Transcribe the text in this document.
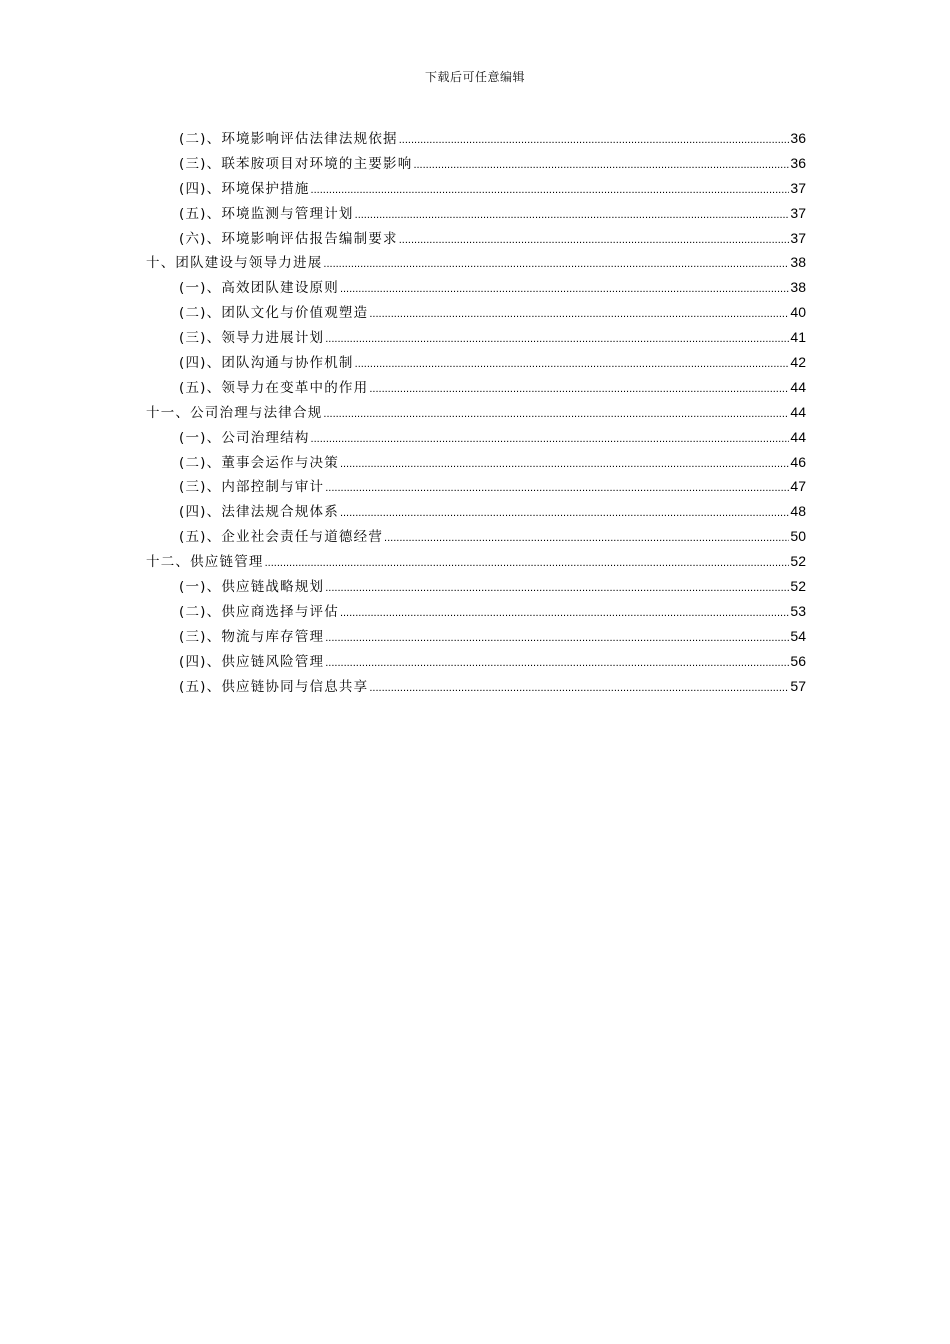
下载后可任意编辑
(二)、环境影响评估法律法规依据 .....	36
(三)、联苯胺项目对环境的主要影响 .....	36
(四)、环境保护措施 .....	37
(五)、环境监测与管理计划 .....	37
(六)、环境影响评估报告编制要求 .....	37
十、团队建设与领导力进展 .....	38
(一)、高效团队建设原则 .....	38
(二)、团队文化与价值观塑造 .....	40
(三)、领导力进展计划 .....	41
(四)、团队沟通与协作机制 .....	42
(五)、领导力在变革中的作用 .....	44
十一、公司治理与法律合规 .....	44
(一)、公司治理结构 .....	44
(二)、董事会运作与决策 .....	46
(三)、内部控制与审计 .....	47
(四)、法律法规合规体系 .....	48
(五)、企业社会责任与道德经营 .....	50
十二、供应链管理 .....	52
(一)、供应链战略规划 .....	52
(二)、供应商选择与评估 .....	53
(三)、物流与库存管理 .....	54
(四)、供应链风险管理 .....	56
(五)、供应链协同与信息共享 .....	57
